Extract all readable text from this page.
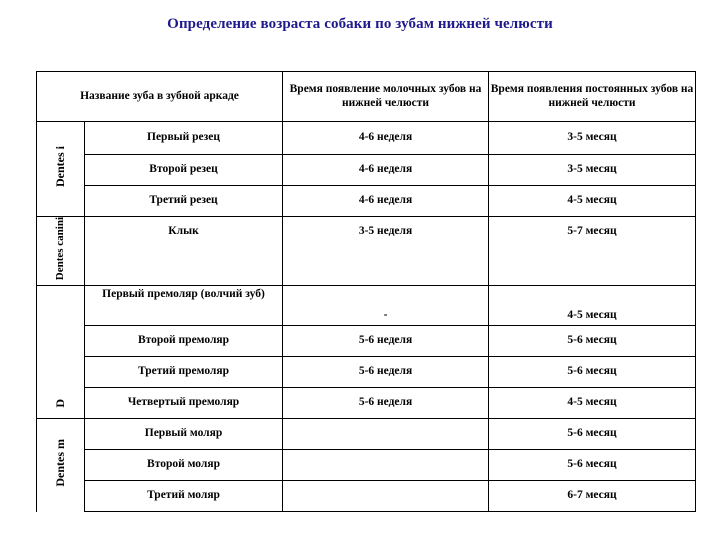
Определение возраста собаки по зубам нижней челюсти
Название зуба в зубной аркаде		Время появление молочных зубов на нижней челюсти	Время появления постоянных зубов на нижней челюсти
Dentes i	Первый резец	4-6 неделя	3-5 месяц
	Второй резец	4-6 неделя	3-5 месяц
	Третий резец	4-6 неделя	4-5 месяц
Dentes canini	Клык	3-5 неделя	5-7 месяц
D	Первый премоляр (волчий зуб)	-	4-5 месяц
	Второй премоляр	5-6 неделя	5-6 месяц
	Третий премоляр	5-6 неделя	5-6 месяц
	Четвертый премоляр	5-6 неделя	4-5 месяц
Dentes m	Первый моляр		5-6 месяц
	Второй моляр		5-6 месяц
	Третий моляр		6-7 месяц
